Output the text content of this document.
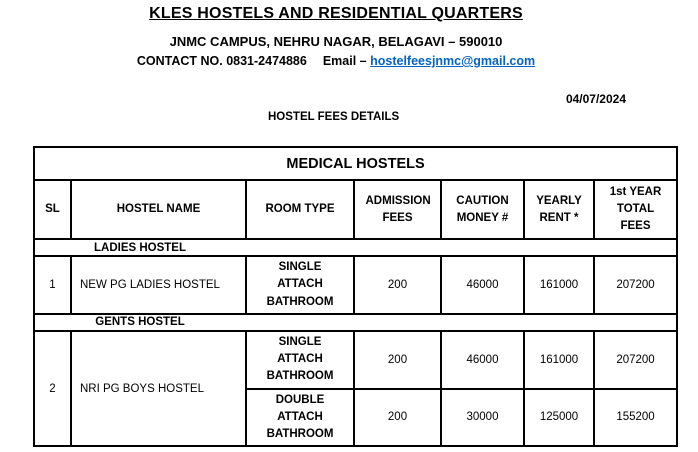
KLES HOSTELS AND RESIDENTIAL QUARTERS
JNMC CAMPUS, NEHRU NAGAR, BELAGAVI – 590010
CONTACT NO. 0831-2474886 Email – hostelfeesjnmc@gmail.com
04/07/2024
HOSTEL FEES DETAILS
MEDICAL HOSTELS						
SL	HOSTEL NAME	ROOM TYPE	ADMISSION FEES	CAUTION MONEY #	YEARLY RENT *	1st YEAR TOTAL FEES
LADIES HOSTEL						
1	NEW PG LADIES HOSTEL	SINGLE ATTACH BATHROOM	200	46000	161000	207200
GENTS HOSTEL						
2	NRI PG BOYS HOSTEL	SINGLE ATTACH BATHROOM	200	46000	161000	207200
		DOUBLE ATTACH BATHROOM	200	30000	125000	155200
